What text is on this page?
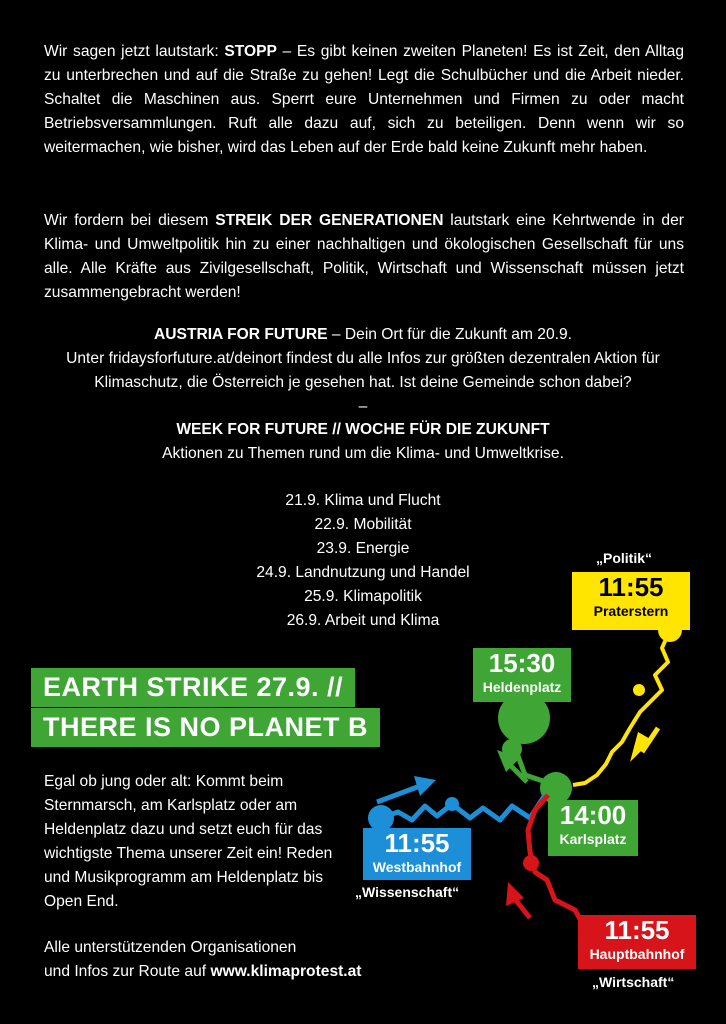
Wir sagen jetzt lautstark: STOPP – Es gibt keinen zweiten Planeten! Es ist Zeit, den Alltag zu unterbrechen und auf die Straße zu gehen! Legt die Schulbücher und die Arbeit nieder. Schaltet die Maschinen aus. Sperrt eure Unternehmen und Firmen zu oder macht Betriebsversammlungen. Ruft alle dazu auf, sich zu beteiligen. Denn wenn wir so weitermachen, wie bisher, wird das Leben auf der Erde bald keine Zukunft mehr haben.
Wir fordern bei diesem STREIK DER GENERATIONEN lautstark eine Kehrtwende in der Klima- und Umweltpolitik hin zu einer nachhaltigen und ökologischen Gesellschaft für uns alle. Alle Kräfte aus Zivilgesellschaft, Politik, Wirtschaft und Wissenschaft müssen jetzt zusammengebracht werden!
AUSTRIA FOR FUTURE – Dein Ort für die Zukunft am 20.9.
Unter fridaysforfuture.at/deinort findest du alle Infos zur größten dezentralen Aktion für Klimaschutz, die Österreich je gesehen hat. Ist deine Gemeinde schon dabei?
–
WEEK FOR FUTURE // WOCHE FÜR DIE ZUKUNFT
Aktionen zu Themen rund um die Klima- und Umweltkrise.
21.9. Klima und Flucht
22.9. Mobilität
23.9. Energie
24.9. Landnutzung und Handel
25.9. Klimapolitik
26.9. Arbeit und Klima
EARTH STRIKE 27.9. //
THERE IS NO PLANET B
Egal ob jung oder alt: Kommt beim Sternmarsch, am Karlsplatz oder am Heldenplatz dazu und setzt euch für das wichtigste Thema unserer Zeit ein! Reden und Musikprogramm am Heldenplatz bis Open End.
Alle unterstützenden Organisationen
und Infos zur Route auf www.klimaprotest.at
„Politik“
11:55
Praterstern
15:30
Heldenplatz
14:00
Karlsplatz
11:55
Westbahnhof
„Wissenschaft“
11:55
Hauptbahnhof
„Wirtschaft“
